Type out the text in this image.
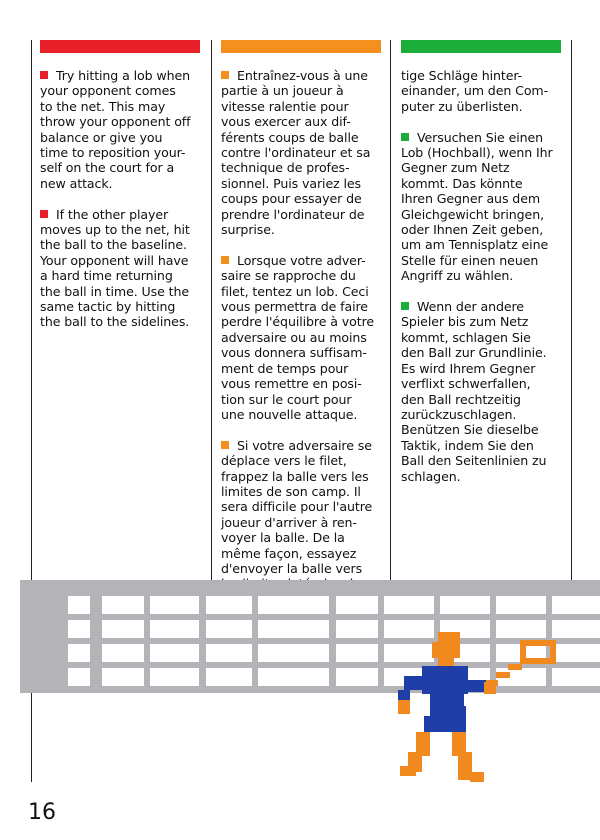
Try hitting a lob when
your opponent comes
to the net. This may
throw your opponent off
balance or give you
time to reposition your-
self on the court for a
new attack.

If the other player
moves up to the net, hit
the ball to the baseline.
Your opponent will have
a hard time returning
the ball in time. Use the
same tactic by hitting
the ball to the sidelines.

Entraînez-vous à une
partie à un joueur à
vitesse ralentie pour
vous exercer aux dif-
férents coups de balle
contre l'ordinateur et sa
technique de profes-
sionnel. Puis variez les
coups pour essayer de
prendre l'ordinateur de
surprise.

Lorsque votre adver-
saire se rapproche du
filet, tentez un lob. Ceci
vous permettra de faire
perdre l'équilibre à votre
adversaire ou au moins
vous donnera suffisam-
ment de temps pour
vous remettre en posi-
tion sur le court pour
une nouvelle attaque.

Si votre adversaire se
déplace vers le filet,
frappez la balle vers les
limites de son camp. Il
sera difficile pour l'autre
joueur d'arriver à ren-
voyer la balle. De la
même façon, essayez
d'envoyer la balle vers

tige Schläge hinter-
einander, um den Com-
puter zu überlisten.

Versuchen Sie einen
Lob (Hochball), wenn Ihr
Gegner zum Netz
kommt. Das könnte
Ihren Gegner aus dem
Gleichgewicht bringen,
oder Ihnen Zeit geben,
um am Tennisplatz eine
Stelle für einen neuen
Angriff zu wählen.

Wenn der andere
Spieler bis zum Netz
kommt, schlagen Sie
den Ball zur Grundlinie.
Es wird Ihrem Gegner
verflixt schwerfallen,
den Ball rechtzeitig
zurückzuschlagen.
Benützen Sie dieselbe
Taktik, indem Sie den
Ball den Seitenlinien zu
schlagen.

16
